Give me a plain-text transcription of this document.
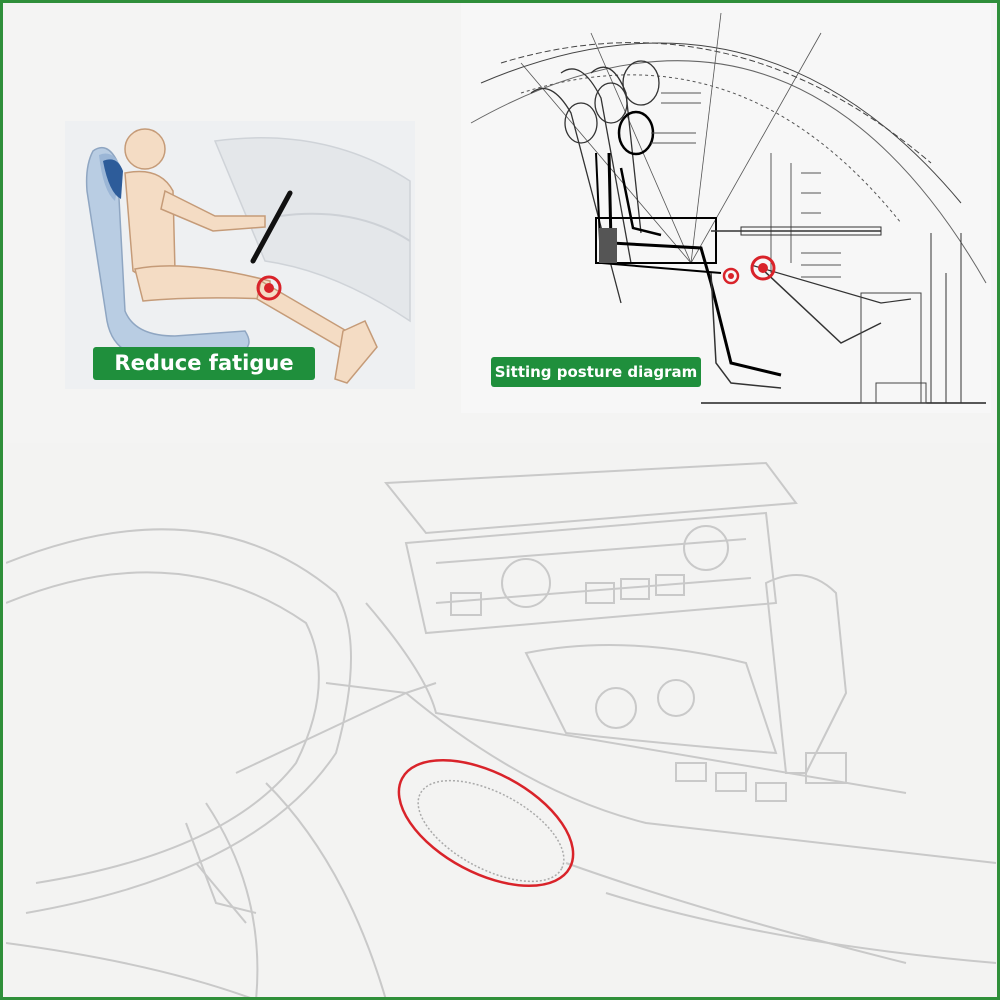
Reduce fatigue	Sitting posture diagram
